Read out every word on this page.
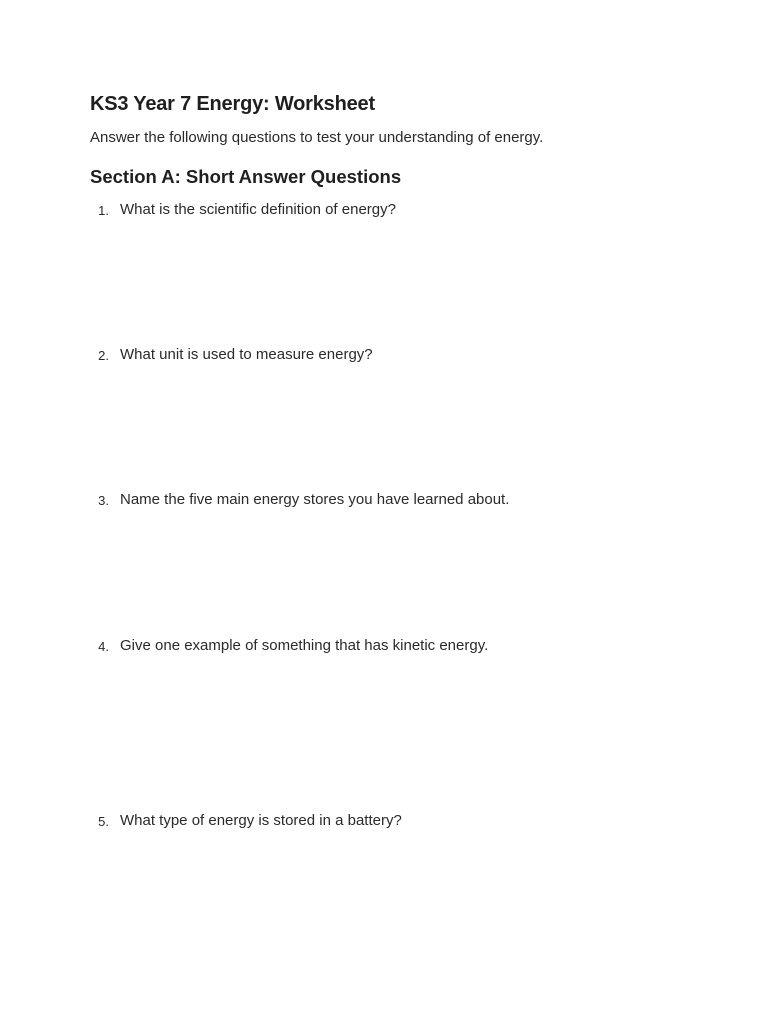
KS3 Year 7 Energy: Worksheet

Answer the following questions to test your understanding of energy.

Section A: Short Answer Questions
1. What is the scientific definition of energy?
2. What unit is used to measure energy?
3. Name the five main energy stores you have learned about.
4. Give one example of something that has kinetic energy.
5. What type of energy is stored in a battery?
